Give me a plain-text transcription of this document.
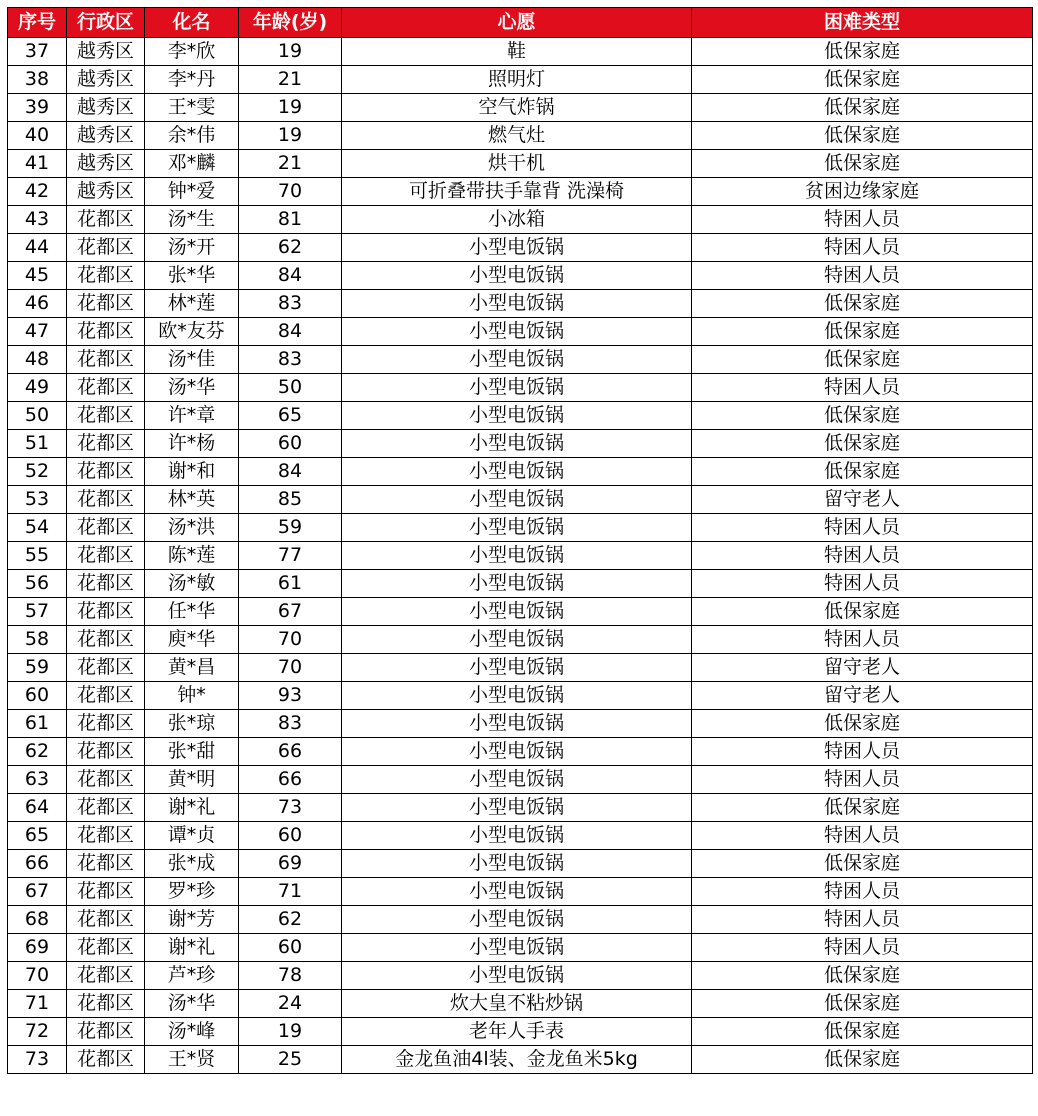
序号	行政区	化名	年龄(岁)	心愿	困难类型
37	越秀区	李*欣	19	鞋	低保家庭
38	越秀区	李*丹	21	照明灯	低保家庭
39	越秀区	王*雯	19	空气炸锅	低保家庭
40	越秀区	余*伟	19	燃气灶	低保家庭
41	越秀区	邓*麟	21	烘干机	低保家庭
42	越秀区	钟*爱	70	可折叠带扶手靠背 洗澡椅	贫困边缘家庭
43	花都区	汤*生	81	小冰箱	特困人员
44	花都区	汤*开	62	小型电饭锅	特困人员
45	花都区	张*华	84	小型电饭锅	特困人员
46	花都区	林*莲	83	小型电饭锅	低保家庭
47	花都区	欧*友芬	84	小型电饭锅	低保家庭
48	花都区	汤*佳	83	小型电饭锅	低保家庭
49	花都区	汤*华	50	小型电饭锅	特困人员
50	花都区	许*章	65	小型电饭锅	低保家庭
51	花都区	许*杨	60	小型电饭锅	低保家庭
52	花都区	谢*和	84	小型电饭锅	低保家庭
53	花都区	林*英	85	小型电饭锅	留守老人
54	花都区	汤*洪	59	小型电饭锅	特困人员
55	花都区	陈*莲	77	小型电饭锅	特困人员
56	花都区	汤*敏	61	小型电饭锅	特困人员
57	花都区	任*华	67	小型电饭锅	低保家庭
58	花都区	庾*华	70	小型电饭锅	特困人员
59	花都区	黄*昌	70	小型电饭锅	留守老人
60	花都区	钟*	93	小型电饭锅	留守老人
61	花都区	张*琼	83	小型电饭锅	低保家庭
62	花都区	张*甜	66	小型电饭锅	特困人员
63	花都区	黄*明	66	小型电饭锅	特困人员
64	花都区	谢*礼	73	小型电饭锅	低保家庭
65	花都区	谭*贞	60	小型电饭锅	特困人员
66	花都区	张*成	69	小型电饭锅	低保家庭
67	花都区	罗*珍	71	小型电饭锅	特困人员
68	花都区	谢*芳	62	小型电饭锅	特困人员
69	花都区	谢*礼	60	小型电饭锅	特困人员
70	花都区	芦*珍	78	小型电饭锅	低保家庭
71	花都区	汤*华	24	炊大皇不粘炒锅	低保家庭
72	花都区	汤*峰	19	老年人手表	低保家庭
73	花都区	王*贤	25	金龙鱼油4l装、金龙鱼米5kg	低保家庭
